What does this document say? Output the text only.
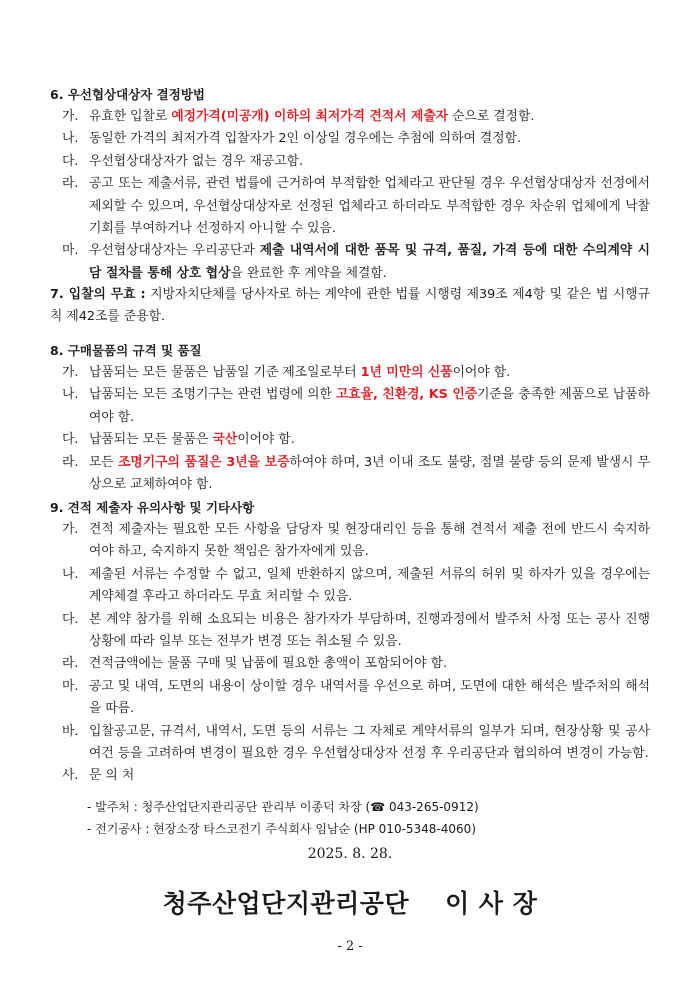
6. 우선협상대상자 결정방법
가. 유효한 입찰로 예정가격(미공개) 이하의 최저가격 견적서 제출자 순으로 결정함.
나. 동일한 가격의 최저가격 입찰자가 2인 이상일 경우에는 추첨에 의하여 결정함.
다. 우선협상대상자가 없는 경우 재공고함.
라. 공고 또는 제출서류, 관련 법률에 근거하여 부적합한 업체라고 판단될 경우 우선협상대상자 선정에서 제외할 수 있으며, 우선협상대상자로 선정된 업체라고 하더라도 부적합한 경우 차순위 업체에게 낙찰기회를 부여하거나 선정하지 아니할 수 있음.
마. 우선협상대상자는 우리공단과 제출 내역서에 대한 품목 및 규격, 품질, 가격 등에 대한 수의계약 시담 절차를 통해 상호 협상을 완료한 후 계약을 체결함.
7. 입찰의 무효 : 지방자치단체를 당사자로 하는 계약에 관한 법률 시행령 제39조 제4항 및 같은 법 시행규칙 제42조를 준용함.
8. 구매물품의 규격 및 품질
가. 납품되는 모든 물품은 납품일 기준 제조일로부터 1년 미만의 신품이어야 함.
나. 납품되는 모든 조명기구는 관련 법령에 의한 고효율, 친환경, KS 인증기준을 충족한 제품으로 납품하여야 함.
다. 납품되는 모든 물품은 국산이어야 함.
라. 모든 조명기구의 품질은 3년을 보증하여야 하며, 3년 이내 조도 불량, 점멸 불량 등의 문제 발생시 무상으로 교체하여야 함.
9. 견적 제출자 유의사항 및 기타사항
가. 견적 제출자는 필요한 모든 사항을 담당자 및 현장대리인 등을 통해 견적서 제출 전에 반드시 숙지하여야 하고, 숙지하지 못한 책임은 참가자에게 있음.
나. 제출된 서류는 수정할 수 없고, 일체 반환하지 않으며, 제출된 서류의 허위 및 하자가 있을 경우에는 계약체결 후라고 하더라도 무효 처리할 수 있음.
다. 본 계약 참가를 위해 소요되는 비용은 참가자가 부담하며, 진행과정에서 발주처 사정 또는 공사 진행상황에 따라 일부 또는 전부가 변경 또는 취소될 수 있음.
라. 견적금액에는 물품 구매 및 납품에 필요한 총액이 포함되어야 함.
마. 공고 및 내역, 도면의 내용이 상이할 경우 내역서를 우선으로 하며, 도면에 대한 해석은 발주처의 해석을 따름.
바. 입찰공고문, 규격서, 내역서, 도면 등의 서류는 그 자체로 계약서류의 일부가 되며, 현장상황 및 공사여건 등을 고려하여 변경이 필요한 경우 우선협상대상자 선정 후 우리공단과 협의하여 변경이 가능함.
사. 문 의 처
- 발주처 : 청주산업단지관리공단 관리부 이종덕 차장 (☎ 043-265-0912)
- 전기공사 : 현장소장 타스코전기 주식회사 임남순 (HP 010-5348-4060)
2025. 8. 28.
청주산업단지관리공단 이 사 장
- 2 -
